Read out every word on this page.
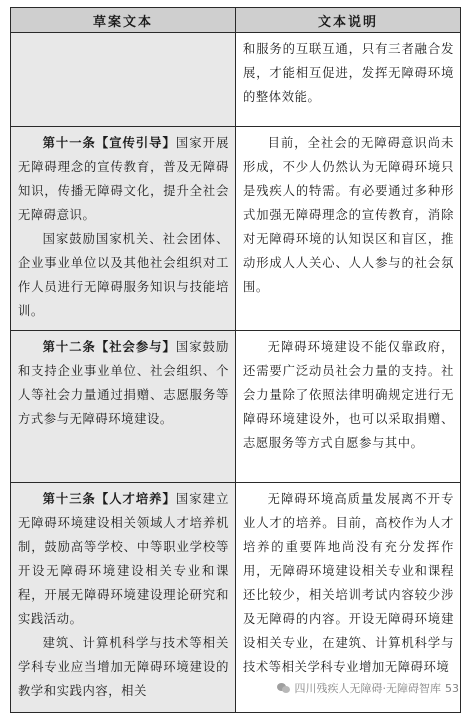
草案文本	文本说明

	和服务的互联互通，只有三者融合发展，才能相互促进，发挥无障碍环境的整体效能。

第十一条【宣传引导】国家开展无障碍理念的宣传教育，普及无障碍知识，传播无障碍文化，提升全社会无障碍意识。

国家鼓励国家机关、社会团体、企业事业单位以及其他社会组织对工作人员进行无障碍服务知识与技能培训。	目前，全社会的无障碍意识尚未形成，不少人仍然认为无障碍环境只是残疾人的特需。有必要通过多种形式加强无障碍理念的宣传教育，消除对无障碍环境的认知误区和盲区，推动形成人人关心、人人参与的社会氛围。

第十二条【社会参与】国家鼓励和支持企业事业单位、社会组织、个人等社会力量通过捐赠、志愿服务等方式参与无障碍环境建设。	无障碍环境建设不能仅靠政府，还需要广泛动员社会力量的支持。社会力量除了依照法律明确规定进行无障碍环境建设外，也可以采取捐赠、志愿服务等方式自愿参与其中。

第十三条【人才培养】国家建立无障碍环境建设相关领域人才培养机制，鼓励高等学校、中等职业学校等开设无障碍环境建设相关专业和课程，开展无障碍环境建设理论研究和实践活动。

建筑、计算机科学与技术等相关学科专业应当增加无障碍环境建设的教学和实践内容，相关	无障碍环境高质量发展离不开专业人才的培养。目前，高校作为人才培养的重要阵地尚没有充分发挥作用，无障碍环境建设相关专业和课程还比较少，相关培训考试内容较少涉及无障碍的内容。开设无障碍环境建设相关专业，在建筑、计算机科学与技术等相关学科专业增加无障碍环境

四川残疾人无障碍·无障碍智库 53
